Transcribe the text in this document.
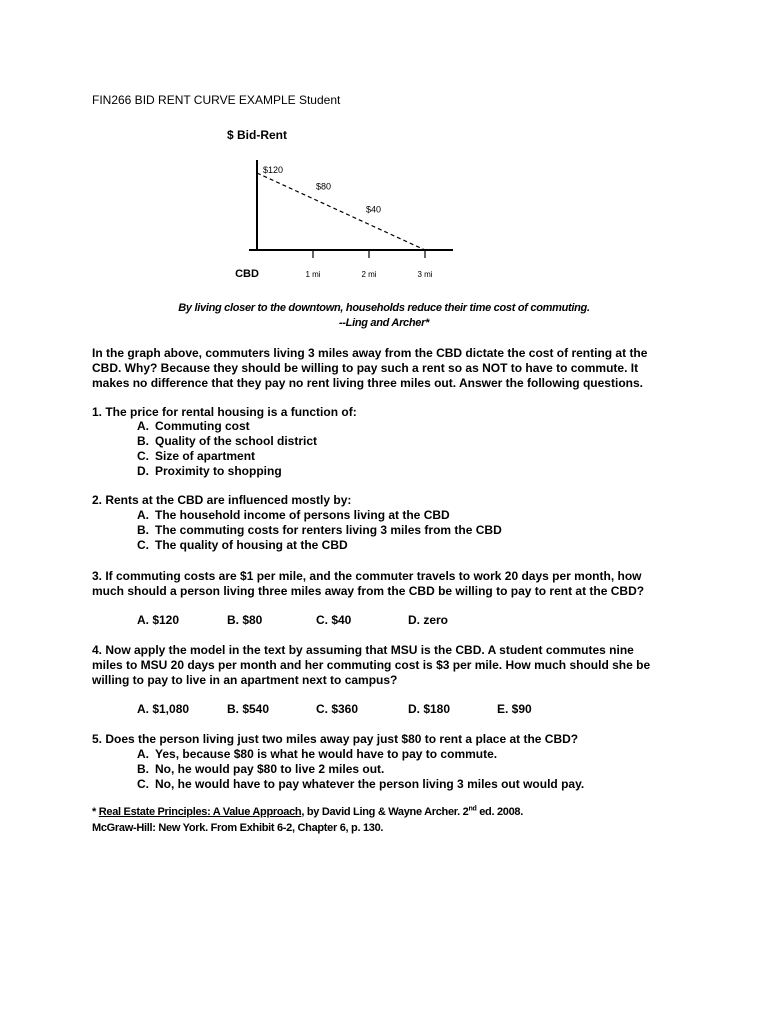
FIN266 BID RENT CURVE EXAMPLE Student
$ Bid-Rent
CBD	1 mi	2 mi	3 mi
$120
$80
$40
By living closer to the downtown, households reduce their time cost of commuting.
--Ling and Archer*
In the graph above, commuters living 3 miles away from the CBD dictate the cost of renting at the
CBD. Why? Because they should be willing to pay such a rent so as NOT to have to commute. It
makes no difference that they pay no rent living three miles out. Answer the following questions.
1. The price for rental housing is a function of:
A. Commuting cost
B. Quality of the school district
C. Size of apartment
D. Proximity to shopping
2. Rents at the CBD are influenced mostly by:
A. The household income of persons living at the CBD
B. The commuting costs for renters living 3 miles from the CBD
C. The quality of housing at the CBD
3. If commuting costs are $1 per mile, and the commuter travels to work 20 days per month, how
much should a person living three miles away from the CBD be willing to pay to rent at the CBD?
A. $120	B. $80	C. $40	D. zero
4. Now apply the model in the text by assuming that MSU is the CBD. A student commutes nine
miles to MSU 20 days per month and her commuting cost is $3 per mile. How much should she be
willing to pay to live in an apartment next to campus?
A. $1,080	B. $540	C. $360	D. $180	E. $90
5. Does the person living just two miles away pay just $80 to rent a place at the CBD?
A. Yes, because $80 is what he would have to pay to commute.
B. No, he would pay $80 to live 2 miles out.
C. No, he would have to pay whatever the person living 3 miles out would pay.
* Real Estate Principles: A Value Approach, by David Ling & Wayne Archer. 2nd ed. 2008.
McGraw-Hill: New York. From Exhibit 6-2, Chapter 6, p. 130.
